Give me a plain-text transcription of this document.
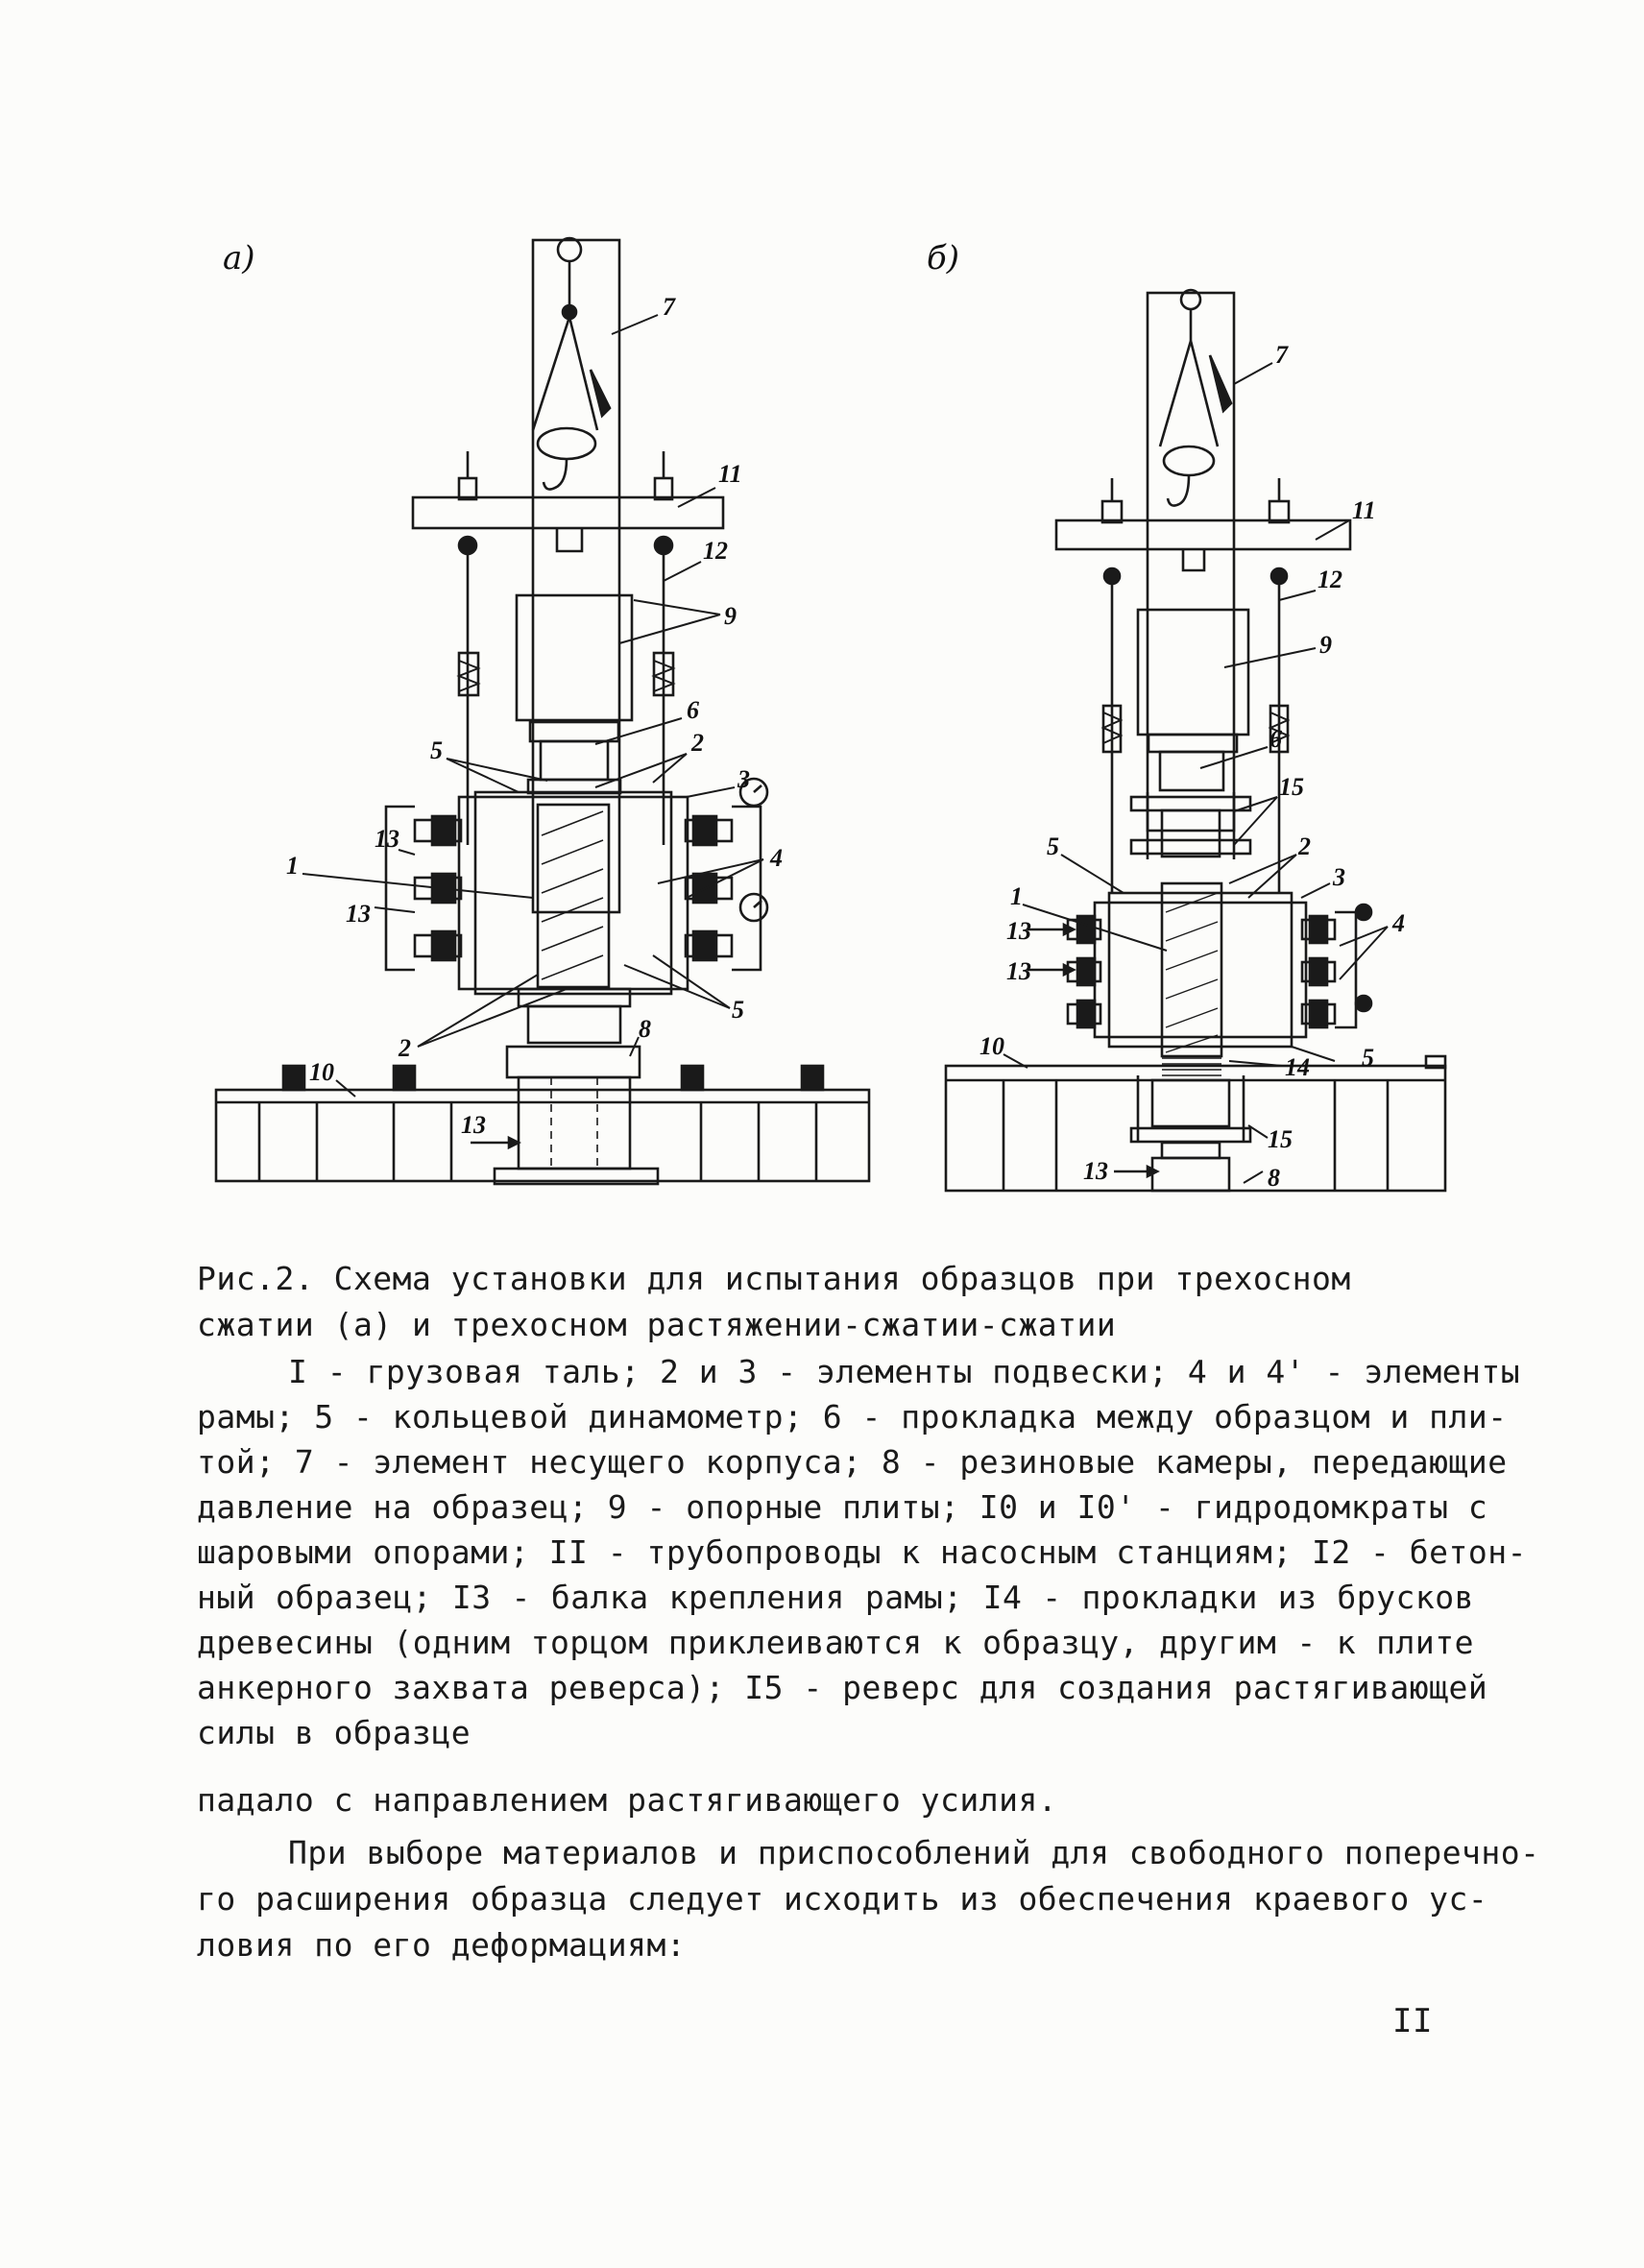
а)
7
11
12
9
6
5	2
3
13
4
1
13
2
5
10
8
13
б)
7
11
12
9
6
15
5	2
3
1
13	4
13
10
14 5
15
13	8
Рис.2. Схема установки для испытания образцов при трехосном
сжатии (а) и трехосном растяжении-сжатии-сжатии
I - грузовая таль; 2 и 3 - элементы подвески; 4 и 4' - элементы
рамы; 5 - кольцевой динамометр; 6 - прокладка между образцом и пли-
той; 7 - элемент несущего корпуса; 8 - резиновые камеры, передающие
давление на образец; 9 - опорные плиты; I0 и I0' - гидродомкраты с
шаровыми опорами; II - трубопроводы к насосным станциям; I2 - бетон-
ный образец; I3 - балка крепления рамы; I4 - прокладки из брусков
древесины (одним торцом приклеиваются к образцу, другим - к плите
анкерного захвата реверса); I5 - реверс для создания растягивающей
силы в образце
падало с направлением растягивающего усилия.
При выборе материалов и приспособлений для свободного поперечно-
го расширения образца следует исходить из обеспечения краевого ус-
ловия по его деформациям:
II
